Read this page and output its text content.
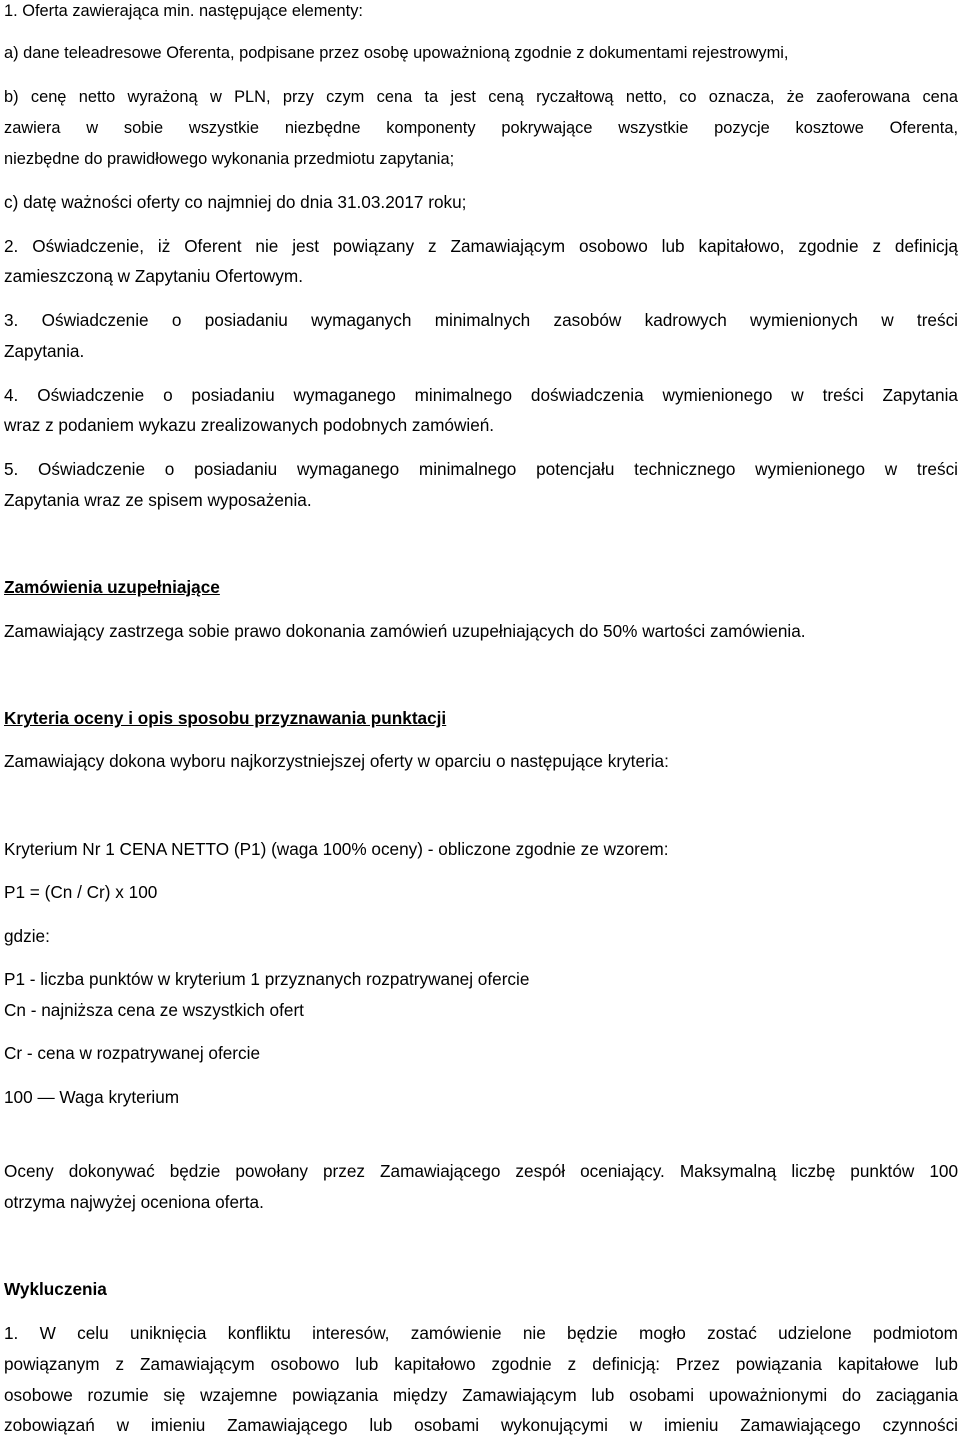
1. Oferta zawierająca min. następujące elementy:
a) dane teleadresowe Oferenta, podpisane przez osobę upoważnioną zgodnie z dokumentami rejestrowymi,
b) cenę netto wyrażoną w PLN, przy czym cena ta jest ceną ryczałtową netto, co oznacza, że zaoferowana cena
zawiera w sobie wszystkie niezbędne komponenty pokrywające wszystkie pozycje kosztowe Oferenta,
niezbędne do prawidłowego wykonania przedmiotu zapytania;
c) datę ważności oferty co najmniej do dnia 31.03.2017 roku;
2. Oświadczenie, iż Oferent nie jest powiązany z Zamawiającym osobowo lub kapitałowo, zgodnie z definicją
zamieszczoną w Zapytaniu Ofertowym.
3. Oświadczenie o posiadaniu wymaganych minimalnych zasobów kadrowych wymienionych w treści
Zapytania.
4. Oświadczenie o posiadaniu wymaganego minimalnego doświadczenia wymienionego w treści Zapytania
wraz z podaniem wykazu zrealizowanych podobnych zamówień.
5. Oświadczenie o posiadaniu wymaganego minimalnego potencjału technicznego wymienionego w treści
Zapytania wraz ze spisem wyposażenia.
Zamówienia uzupełniające
Zamawiający zastrzega sobie prawo dokonania zamówień uzupełniających do 50% wartości zamówienia.
Kryteria oceny i opis sposobu przyznawania punktacji
Zamawiający dokona wyboru najkorzystniejszej oferty w oparciu o następujące kryteria:
Kryterium Nr 1 CENA NETTO (P1) (waga 100% oceny) - obliczone zgodnie ze wzorem:
P1 = (Cn / Cr) x 100
gdzie:
P1 - liczba punktów w kryterium 1 przyznanych rozpatrywanej ofercie
Cn - najniższa cena ze wszystkich ofert
Cr - cena w rozpatrywanej ofercie
100 — Waga kryterium
Oceny dokonywać będzie powołany przez Zamawiającego zespół oceniający. Maksymalną liczbę punktów 100
otrzyma najwyżej oceniona oferta.
Wykluczenia
1. W celu uniknięcia konfliktu interesów, zamówienie nie będzie mogło zostać udzielone podmiotom
powiązanym z Zamawiającym osobowo lub kapitałowo zgodnie z definicją: Przez powiązania kapitałowe lub
osobowe rozumie się wzajemne powiązania między Zamawiającym lub osobami upoważnionymi do zaciągania
zobowiązań w imieniu Zamawiającego lub osobami wykonującymi w imieniu Zamawiającego czynności
